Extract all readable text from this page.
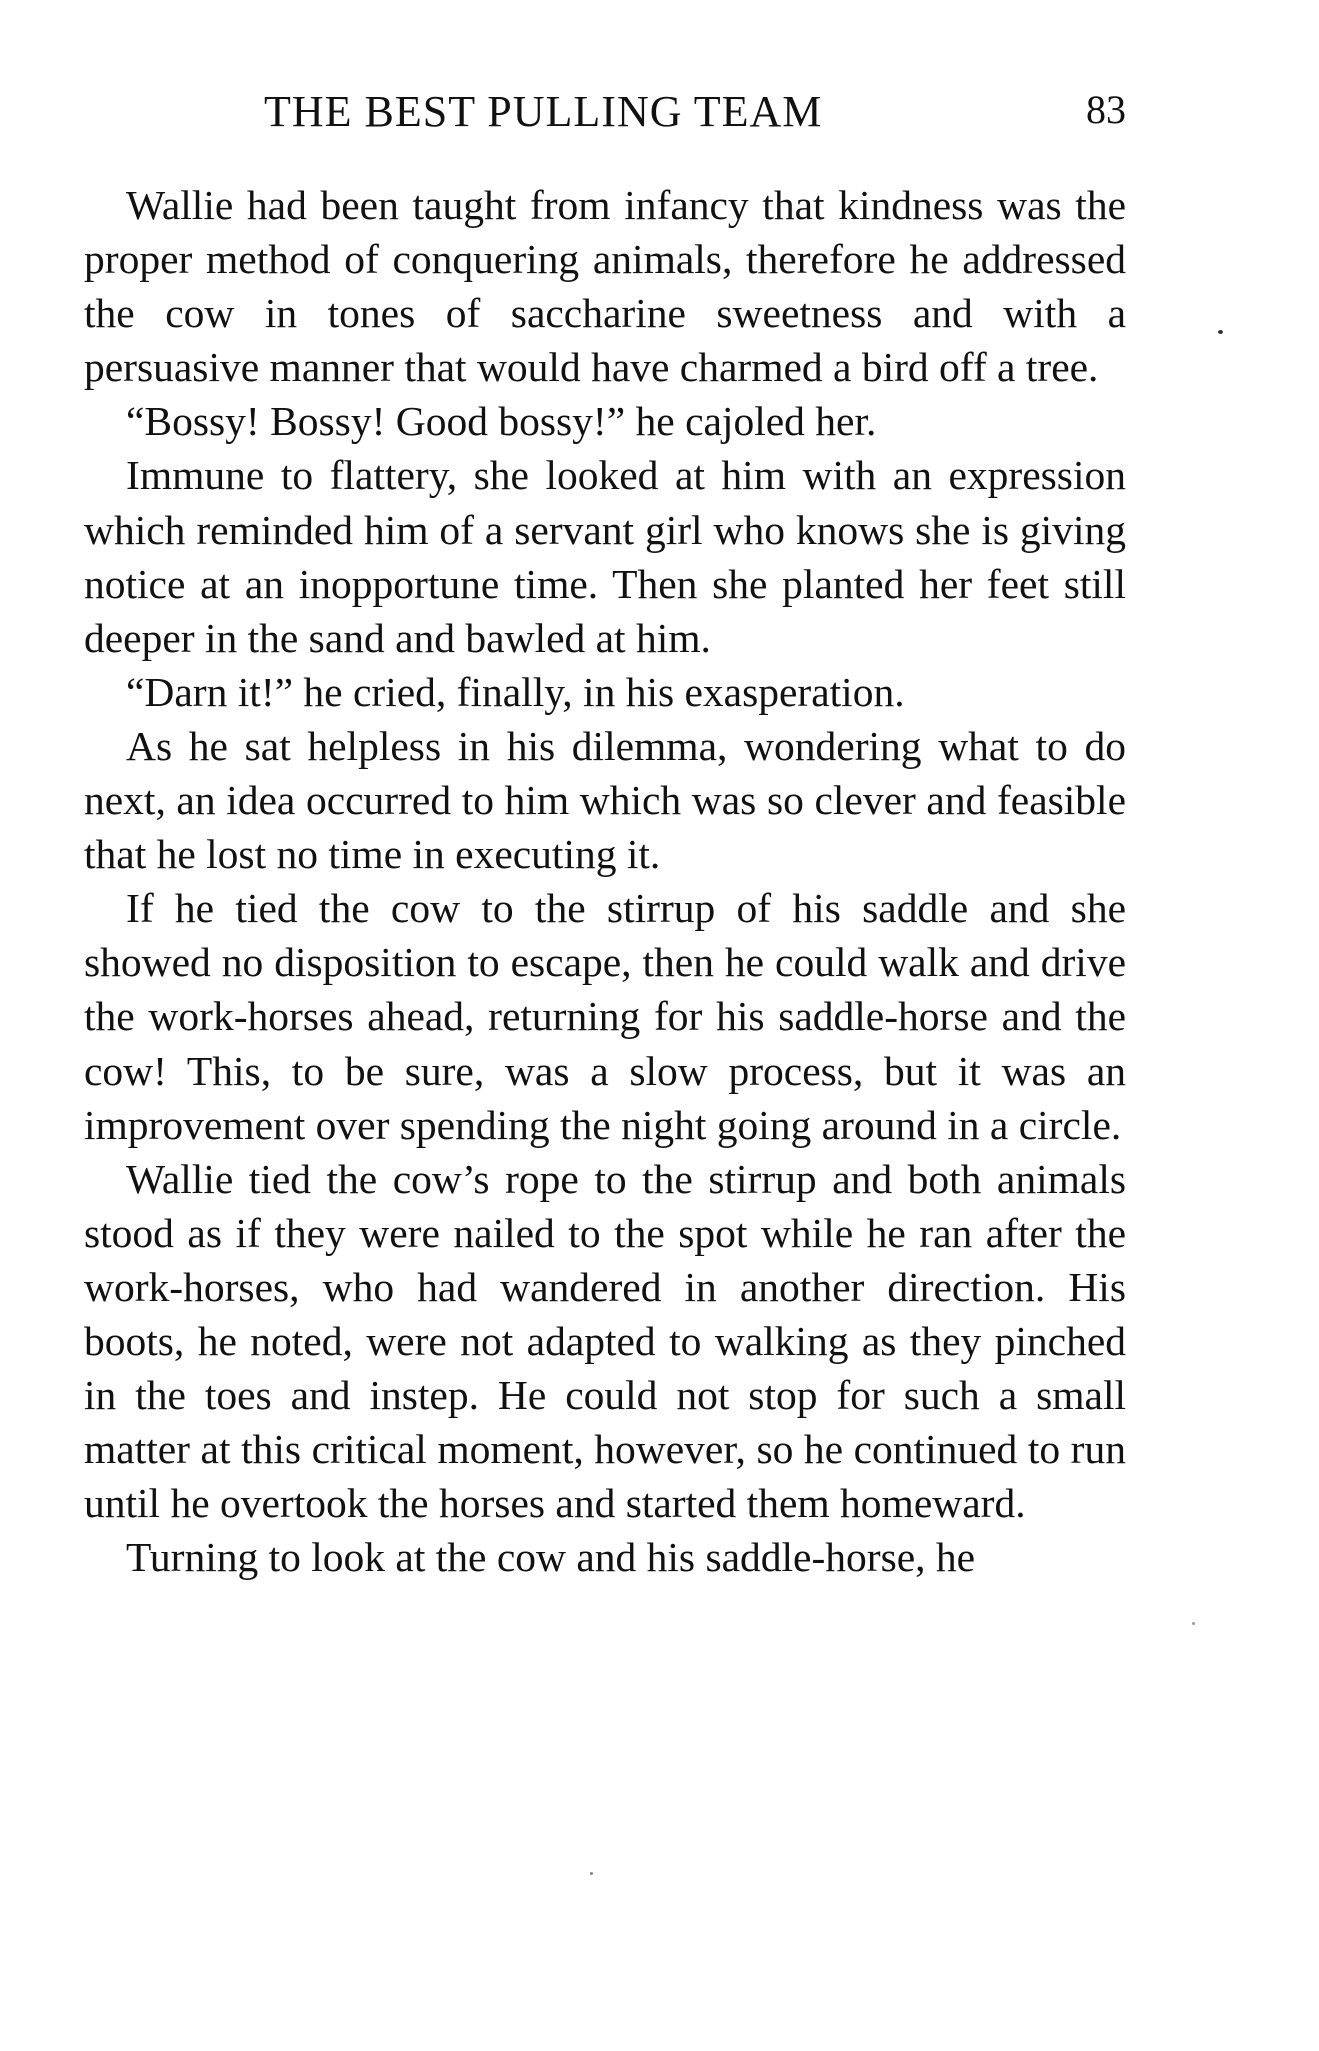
THE BEST PULLING TEAM	83

Wallie had been taught from infancy that kindness was the proper method of conquering animals, therefore he addressed the cow in tones of saccharine sweetness and with a persuasive manner that would have charmed a bird off a tree.

“Bossy! Bossy! Good bossy!” he cajoled her.

Immune to flattery, she looked at him with an expression which reminded him of a servant girl who knows she is giving notice at an inopportune time. Then she planted her feet still deeper in the sand and bawled at him.

“Darn it!” he cried, finally, in his exasperation.

As he sat helpless in his dilemma, wondering what to do next, an idea occurred to him which was so clever and feasible that he lost no time in executing it.

If he tied the cow to the stirrup of his saddle and she showed no disposition to escape, then he could walk and drive the work-horses ahead, returning for his saddle-horse and the cow! This, to be sure, was a slow process, but it was an improvement over spending the night going around in a circle.

Wallie tied the cow’s rope to the stirrup and both animals stood as if they were nailed to the spot while he ran after the work-horses, who had wandered in another direction. His boots, he noted, were not adapted to walking as they pinched in the toes and instep. He could not stop for such a small matter at this critical moment, however, so he continued to run until he overtook the horses and started them homeward.

Turning to look at the cow and his saddle-horse, he
